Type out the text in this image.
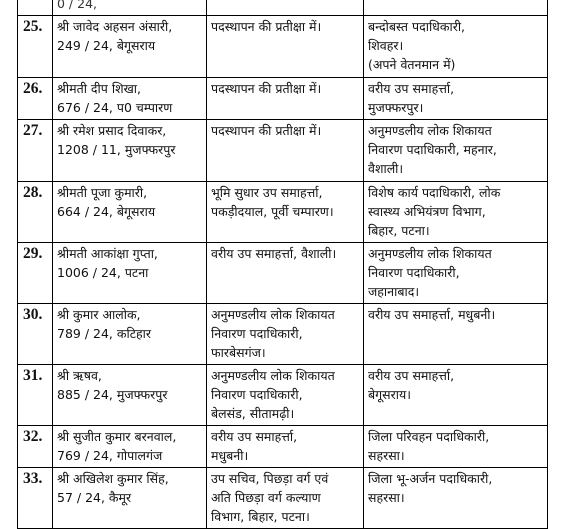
	0 / 24,		

25.	श्री जावेद अहसन अंसारी,
249 / 24, बेगूसराय	पदस्थापन की प्रतीक्षा में।	बन्दोबस्त पदाधिकारी,
शिवहर।
(अपने वेतनमान में)

26.	श्रीमती दीप शिखा,
676 / 24, प0 चम्पारण	पदस्थापन की प्रतीक्षा में।	वरीय उप समाहर्त्ता,
मुजफ्फरपुर।

27.	श्री रमेश प्रसाद दिवाकर,
1208 / 11, मुजफ्फरपुर	पदस्थापन की प्रतीक्षा में।	अनुमण्डलीय लोक शिकायत
निवारण पदाधिकारी, महनार,
वैशाली।

28.	श्रीमती पूजा कुमारी,
664 / 24, बेगूसराय	भूमि सुधार उप समाहर्त्ता,
पकड़ीदयाल, पूर्वी चम्पारण।	विशेष कार्य पदाधिकारी, लोक
स्वास्थ्य अभियंत्रण विभाग,
बिहार, पटना।

29.	श्रीमती आकांक्षा गुप्ता,
1006 / 24, पटना	वरीय उप समाहर्त्ता, वैशाली।	अनुमण्डलीय लोक शिकायत
निवारण पदाधिकारी,
जहानाबाद।

30.	श्री कुमार आलोक,
789 / 24, कटिहार	अनुमण्डलीय लोक शिकायत
निवारण पदाधिकारी,
फारबेसगंज।	वरीय उप समाहर्त्ता, मधुबनी।

31.	श्री ऋषव,
885 / 24, मुजफ्फरपुर	अनुमण्डलीय लोक शिकायत
निवारण पदाधिकारी,
बेलसंड, सीतामढ़ी।	वरीय उप समाहर्त्ता,
बेगूसराय।

32.	श्री सुजीत कुमार बरनवाल,
769 / 24, गोपालगंज	वरीय उप समाहर्त्ता,
मधुबनी।	जिला परिवहन पदाधिकारी,
सहरसा।

33.	श्री अखिलेश कुमार सिंह,
57 / 24, कैमूर	उप सचिव, पिछड़ा वर्ग एवं
अति पिछड़ा वर्ग कल्याण
विभाग, बिहार, पटना।	जिला भू-अर्जन पदाधिकारी,
सहरसा।
